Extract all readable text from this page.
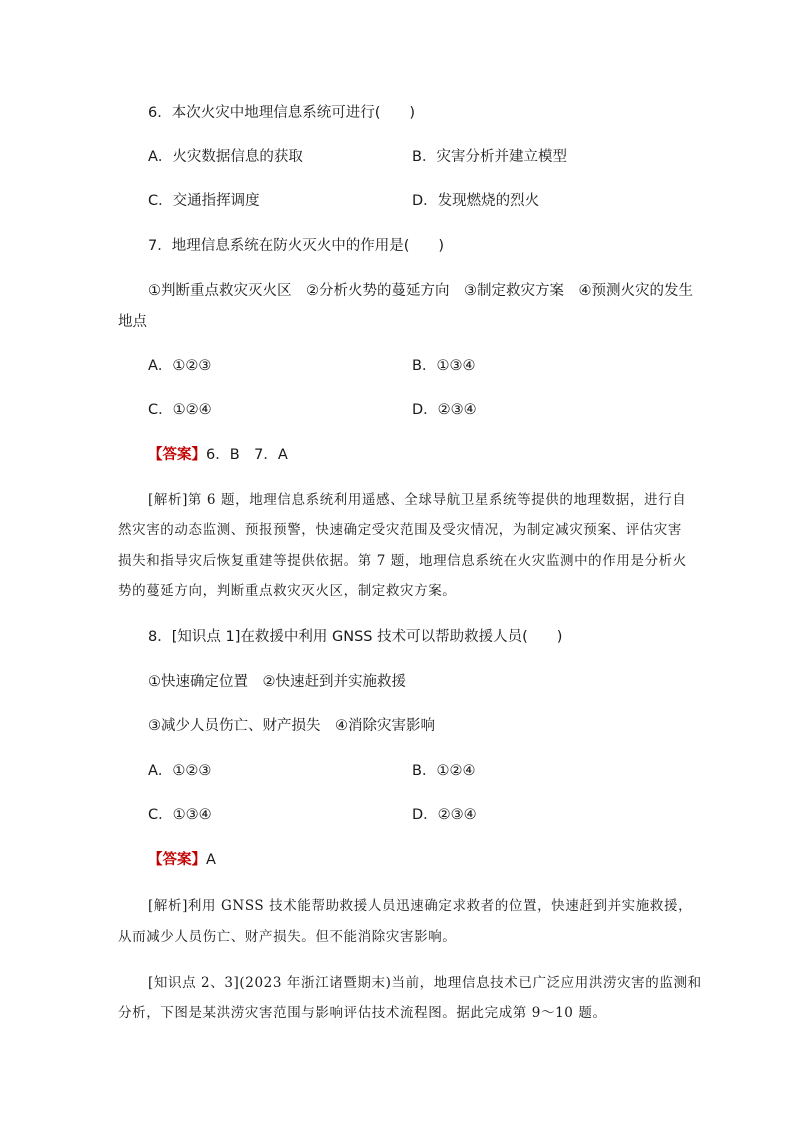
6．本次火灾中地理信息系统可进行(　　)
A．火灾数据信息的获取	B．灾害分析并建立模型
C．交通指挥调度	D．发现燃烧的烈火
7．地理信息系统在防火灭火中的作用是(　　)
①判断重点救灾灭火区　②分析火势的蔓延方向　③制定救灾方案　④预测火灾的发生
地点
A．①②③	B．①③④
C．①②④	D．②③④
【答案】6．B　7．A
[解析]第 6 题，地理信息系统利用遥感、全球导航卫星系统等提供的地理数据，进行自
然灾害的动态监测、预报预警，快速确定受灾范围及受灾情况，为制定减灾预案、评估灾害
损失和指导灾后恢复重建等提供依据。第 7 题，地理信息系统在火灾监测中的作用是分析火
势的蔓延方向，判断重点救灾灭火区，制定救灾方案。
8．[知识点 1]在救援中利用 GNSS 技术可以帮助救援人员(　　)
①快速确定位置　②快速赶到并实施救援
③减少人员伤亡、财产损失　④消除灾害影响
A．①②③	B．①②④
C．①③④	D．②③④
【答案】A
[解析]利用 GNSS 技术能帮助救援人员迅速确定求救者的位置，快速赶到并实施救援，
从而减少人员伤亡、财产损失。但不能消除灾害影响。
[知识点 2、3](2023 年浙江诸暨期末)当前，地理信息技术已广泛应用洪涝灾害的监测和
分析，下图是某洪涝灾害范围与影响评估技术流程图。据此完成第 9～10 题。
